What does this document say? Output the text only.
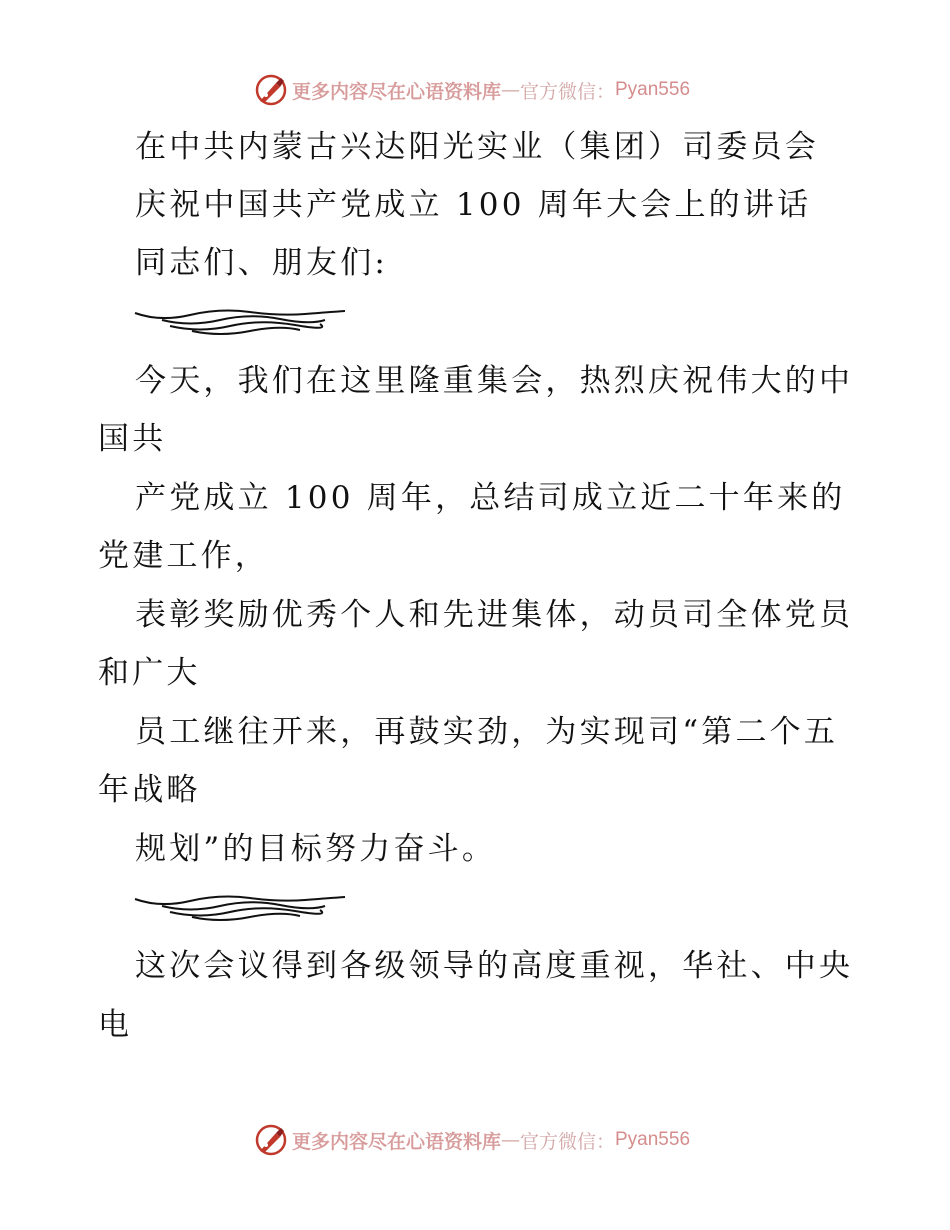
更多内容尽在心语资料库 — 官方微信： Pyan556
在中共内蒙古兴达阳光实业（集团）司委员会
庆祝中国共产党成立 100 周年大会上的讲话
同志们、朋友们:
今天，我们在这里隆重集会，热烈庆祝伟大的中
国共
产党成立 100 周年，总结司成立近二十年来的
党建工作，
表彰奖励优秀个人和先进集体，动员司全体党员
和广大
员工继往开来，再鼓实劲，为实现司“第二个五
年战略
规划”的目标努力奋斗。
这次会议得到各级领导的高度重视，华社、中央
电
更多内容尽在心语资料库 — 官方微信： Pyan556
